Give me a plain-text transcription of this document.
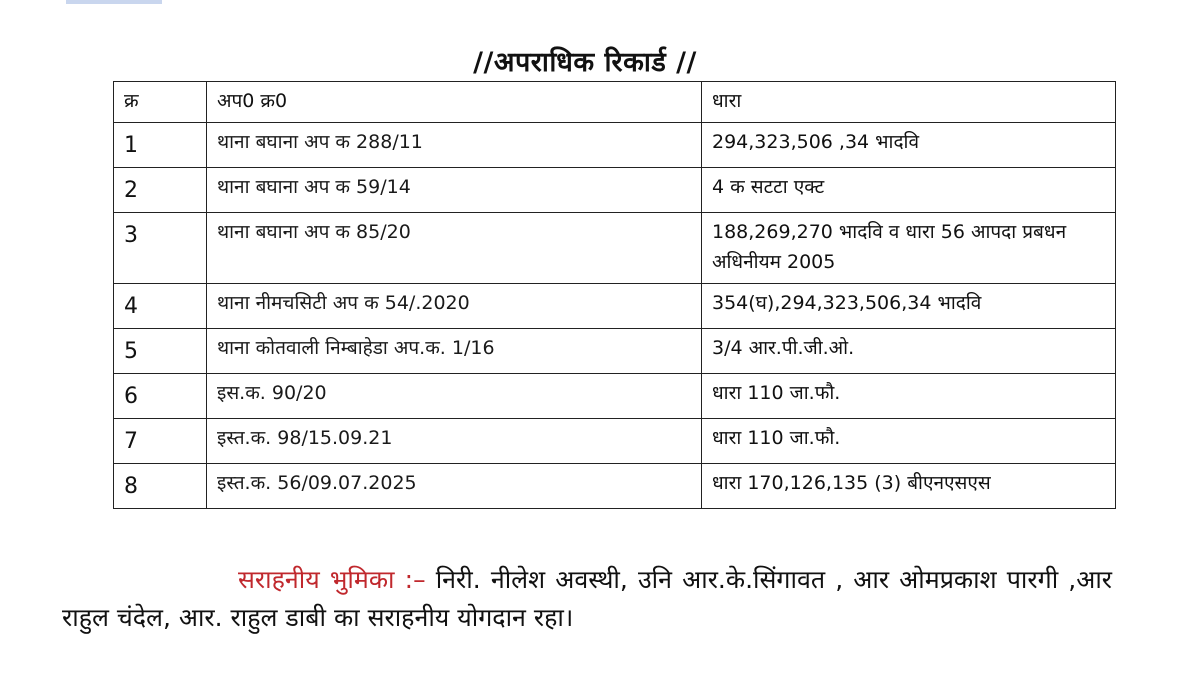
//अपराधिक रिकार्ड //
क्र	अप0 क्र0	धारा
1	थाना बघाना अप क 288/11	294,323,506 ,34 भादवि
2	थाना बघाना अप क 59/14	4 क सटटा एक्ट
3	थाना बघाना अप क 85/20	188,269,270 भादवि व धारा 56 आपदा प्रबधन अधिनीयम 2005
4	थाना नीमचसिटी अप क 54/.2020	354(घ),294,323,506,34 भादवि
5	थाना कोतवाली निम्बाहेडा अप.क. 1/16	3/4 आर.पी.जी.ओ.
6	इस.क. 90/20	धारा 110 जा.फौ.
7	इस्त.क. 98/15.09.21	धारा 110 जा.फौ.
8	इस्त.क. 56/09.07.2025	धारा 170,126,135 (3) बीएनएसएस

सराहनीय भुमिका :– निरी. नीलेश अवस्थी, उनि आर.के.सिंगावत , आर ओमप्रकाश पारगी ,आर राहुल चंदेल, आर. राहुल डाबी का सराहनीय योगदान रहा।
